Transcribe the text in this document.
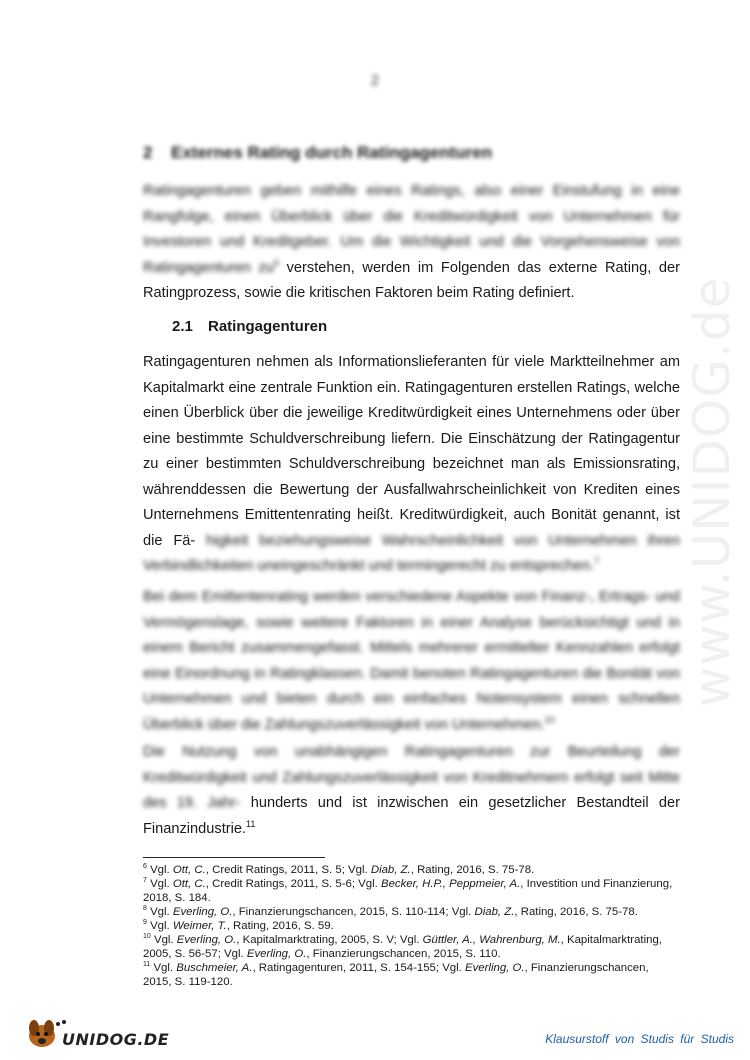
www.UNIDOG.de
2
2 Externes Rating durch Ratingagenturen
Ratingagenturen geben mithilfe eines Ratings, also einer Einstufung in eine Rangfolge, einen Überblick über die Kreditwürdigkeit von Unternehmen für Investoren und Kreditgeber. Um die Wichtigkeit und die Vorgehensweise von Ratingagenturen $zu^5$ verstehen, werden im Folgenden das externe Rating, der Ratingprozess, sowie die kritischen Faktoren beim Rating definiert.
2.1 Ratingagenturen
Ratingagenturen nehmen als Informationslieferanten für viele Marktteilnehmer am Kapitalmarkt eine zentrale Funktion ein. Ratingagenturen erstellen Ratings, welche einen Überblick über die jeweilige Kreditwürdigkeit eines Unternehmens oder über eine bestimmte Schuldverschreibung liefern. Die Einschätzung der Ratingagentur zu einer bestimmten Schuldverschreibung bezeichnet man als Emissionsrating, währenddessen die Bewertung der Ausfallwahrscheinlichkeit von Krediten eines Unternehmens Emittentenrating heißt. Kreditwürdigkeit, auch Bonität genannt, ist die Fä- higkeit beziehungsweise Wahrscheinlichkeit von Unternehmen ihren Verbindlichkeiten uneingeschränkt und termingerecht zu entsprechen.$^7$
Bei dem Emittentenrating werden verschiedene Aspekte von Finanz-, Ertrags- und Vermögenslage, sowie weitere Faktoren in einer Analyse berücksichtigt und in einem Bericht zusammengefasst. Mittels mehrerer ermittelter Kennzahlen erfolgt eine Einordnung in Ratingklassen. Damit benoten Ratingagenturen die Bonität von Unternehmen und bieten durch ein einfaches Notensystem einen schnellen Überblick über die Zahlungszuverlässigkeit von Unternehmen.$^{10}$
Die Nutzung von unabhängigen Ratingagenturen zur Beurteilung der Kreditwürdigkeit und Zahlungszuverlässigkeit von Kreditnehmern erfolgt seit Mitte des 19. Jahr- hunderts und ist inzwischen ein gesetzlicher Bestandteil der Finanzindustrie.$^{11}$

$^6$ Vgl. Ott, C., Credit Ratings, 2011, S. 5; Vgl. Diab, Z., Rating, 2016, S. 75-78.

$^7$ Vgl. Ott, C., Credit Ratings, 2011, S. 5-6; Vgl. Becker, H.P., Peppmeier, A., Investition und Finanzierung, 2018, S. 184.

$^8$ Vgl. Everling, O., Finanzierungschancen, 2015, S. 110-114; Vgl. Diab, Z., Rating, 2016, S. 75-78.

$^9$ Vgl. Weimer, T., Rating, 2016, S. 59.

$^{10}$ Vgl. Everling, O., Kapitalmarktrating, 2005, S. V; Vgl. Güttler, A., Wahrenburg, M., Kapitalmarktrating, 2005, S. 56-57; Vgl. Everling, O., Finanzierungschancen, 2015, S. 110.

$^{11}$ Vgl. Buschmeier, A., Ratingagenturen, 2011, S. 154-155; Vgl. Everling, O., Finanzierungschancen, 2015, S. 119-120.

UNIDOG.DE	Klausurstoff von Studis für Studis
